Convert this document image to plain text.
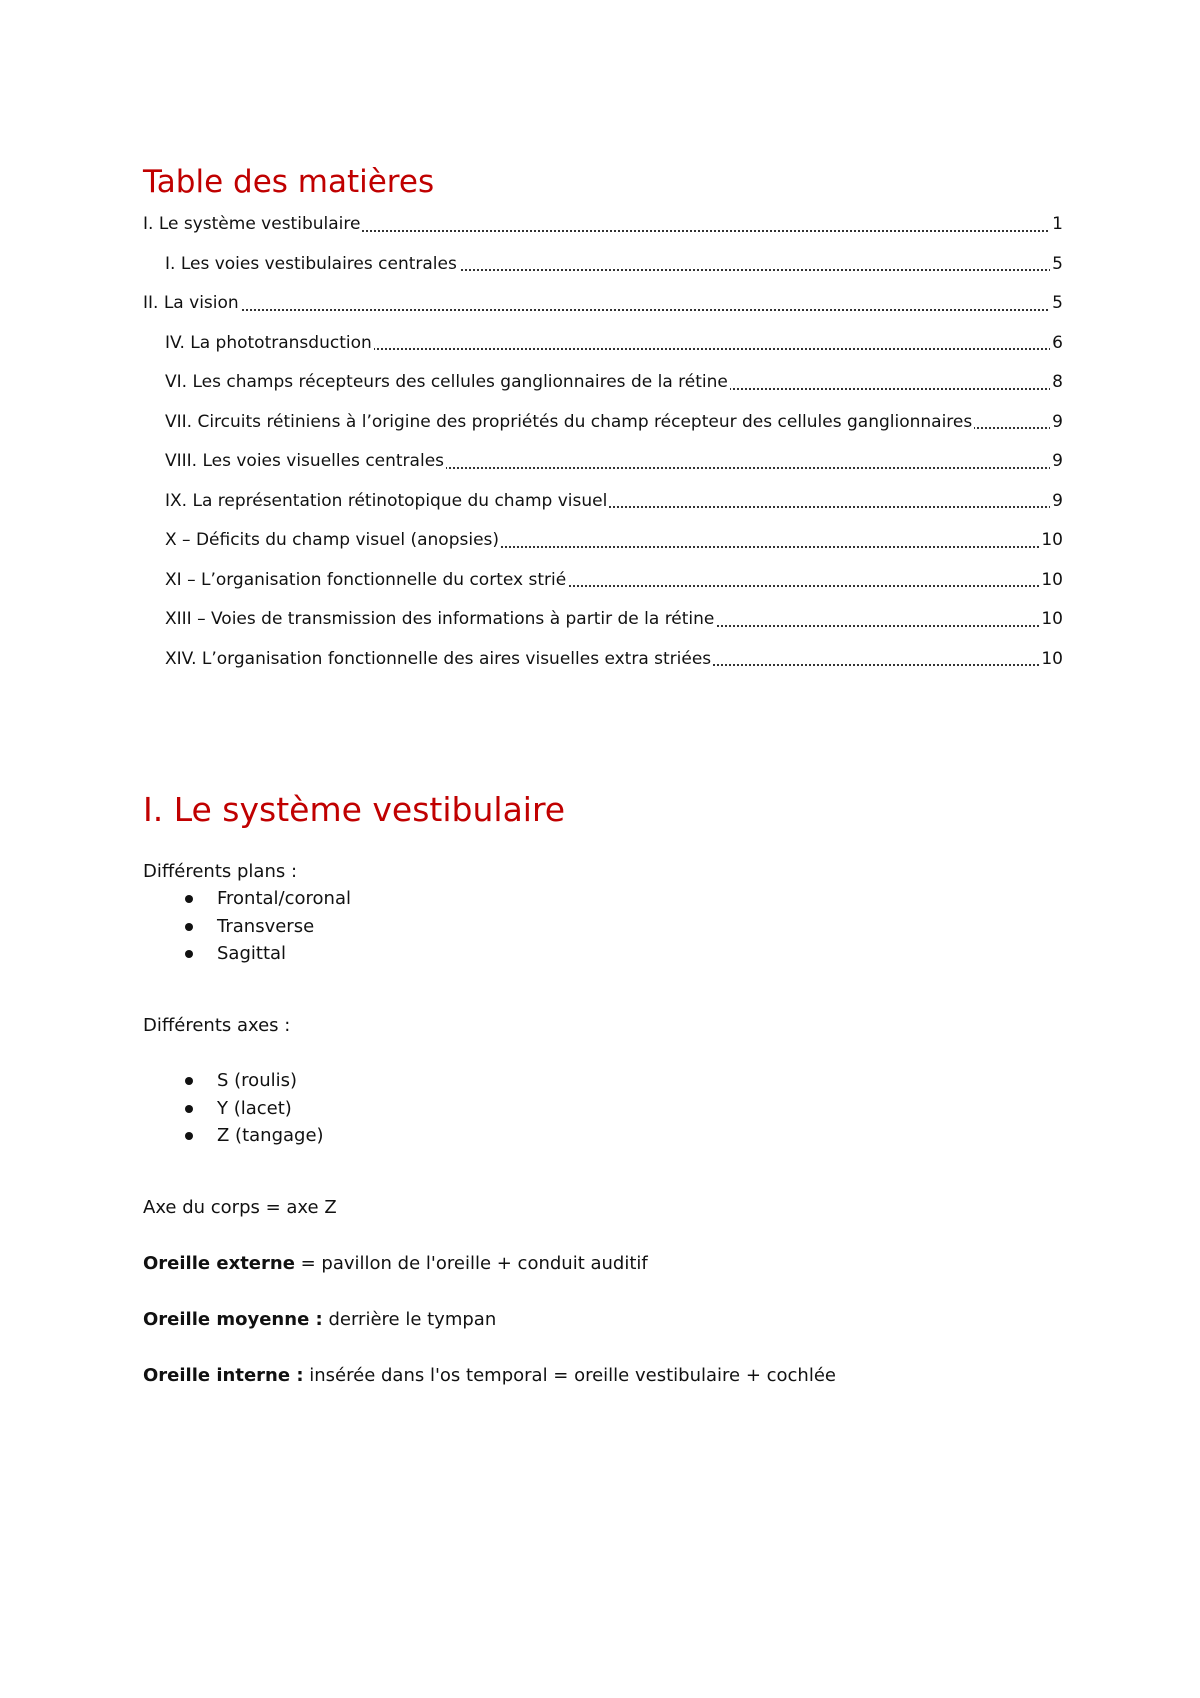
Table des matières
I. Le système vestibulaire	1
I. Les voies vestibulaires centrales	5
II. La vision	5
IV. La phototransduction	6
VI. Les champs récepteurs des cellules ganglionnaires de la rétine	8
VII. Circuits rétiniens à l’origine des propriétés du champ récepteur des cellules ganglionnaires	9
VIII. Les voies visuelles centrales	9
IX. La représentation rétinotopique du champ visuel	9
X – Déficits du champ visuel (anopsies)	10
XI – L’organisation fonctionnelle du cortex strié	10
XIII – Voies de transmission des informations à partir de la rétine	10
XIV. L’organisation fonctionnelle des aires visuelles extra striées	10
I. Le système vestibulaire

Différents plans :

Frontal/coronal
Transverse
Sagittal

Différents axes :

S (roulis)
Y (lacet)
Z (tangage)

Axe du corps = axe Z

Oreille externe = pavillon de l'oreille + conduit auditif

Oreille moyenne : derrière le tympan

Oreille interne : insérée dans l'os temporal = oreille vestibulaire + cochlée
